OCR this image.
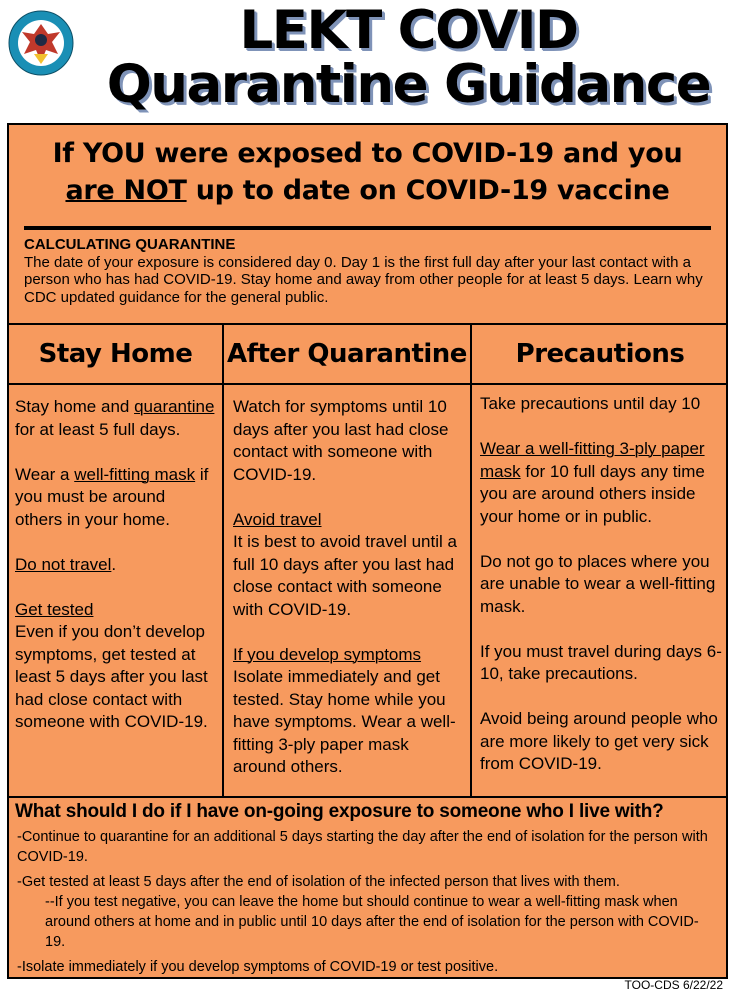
LEKT COVID
Quarantine Guidance
If YOU were exposed to COVID-19 and you
are NOT up to date on COVID-19 vaccine
CALCULATING QUARANTINE
The date of your exposure is considered day 0. Day 1 is the first full day after your last contact with a person who has had COVID-19. Stay home and away from other people for at least 5 days. Learn why CDC updated guidance for the general public.
Stay Home	After Quarantine	Precautions

Stay home and quarantine for at least 5 full days.

Wear a well-fitting mask if you must be around others in your home.

Do not travel.

Get tested
Even if you don’t develop symptoms, get tested at least 5 days after you last had close contact with someone with COVID-19.

Watch for symptoms until 10 days after you last had close contact with someone with COVID-19.

Avoid travel
It is best to avoid travel until a full 10 days after you last had close contact with someone with COVID-19.

If you develop symptoms
Isolate immediately and get tested. Stay home while you have symptoms. Wear a well-fitting 3-ply paper mask around others.

Take precautions until day 10

Wear a well-fitting 3-ply paper mask for 10 full days any time you are around others inside your home or in public.

Do not go to places where you are unable to wear a well-fitting mask.

If you must travel during days 6-10, take precautions.

Avoid being around people who are more likely to get very sick from COVID-19.

What should I do if I have on-going exposure to someone who I live with?

-Continue to quarantine for an additional 5 days starting the day after the end of isolation for the person with COVID-19.

-Get tested at least 5 days after the end of isolation of the infected person that lives with them.

--If you test negative, you can leave the home but should continue to wear a well-fitting mask when around others at home and in public until 10 days after the end of isolation for the person with COVID-19.

-Isolate immediately if you develop symptoms of COVID-19 or test positive.

TOO-CDS 6/22/22
